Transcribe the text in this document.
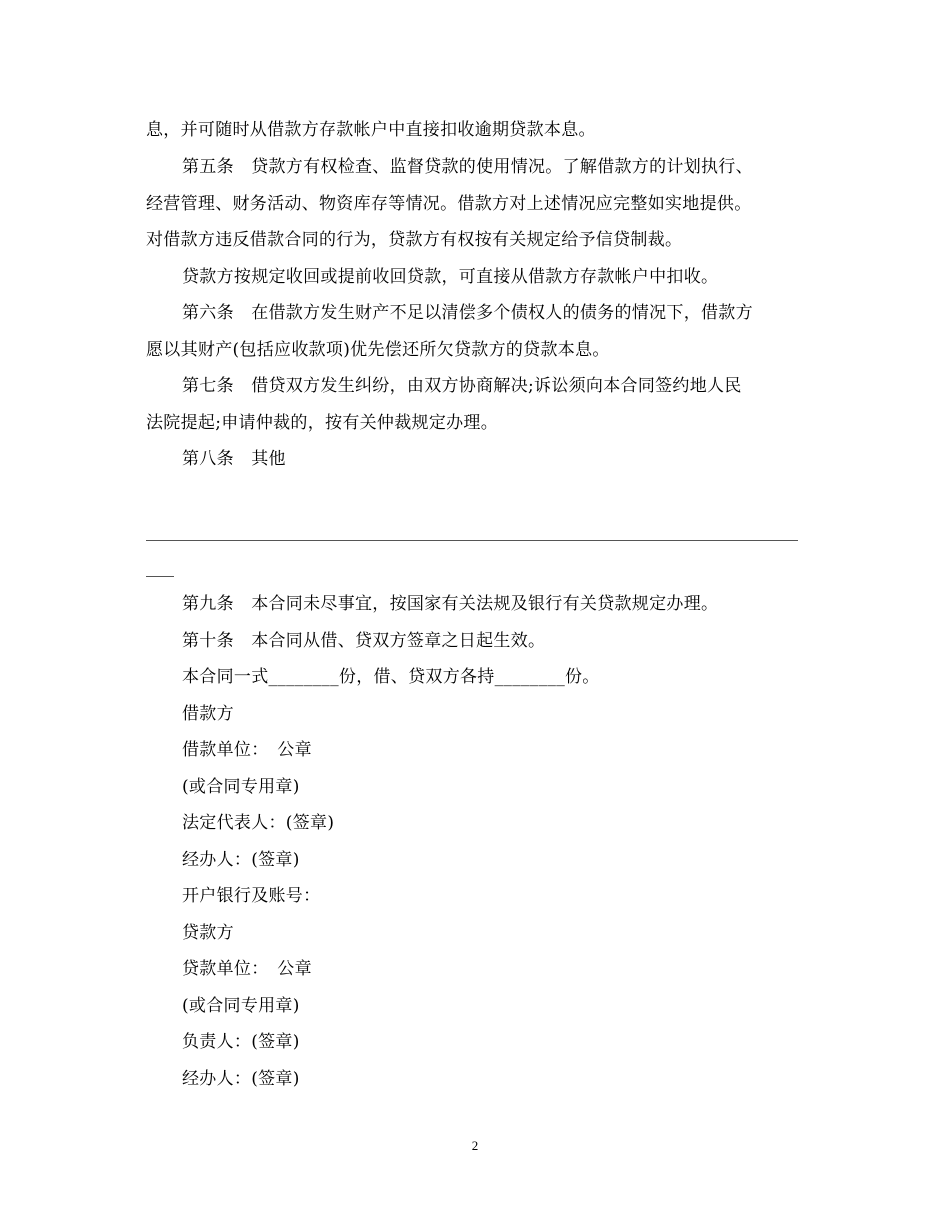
息，并可随时从借款方存款帐户中直接扣收逾期贷款本息。
第五条　贷款方有权检查、监督贷款的使用情况。了解借款方的计划执行、
经营管理、财务活动、物资库存等情况。借款方对上述情况应完整如实地提供。
对借款方违反借款合同的行为，贷款方有权按有关规定给予信贷制裁。
贷款方按规定收回或提前收回贷款，可直接从借款方存款帐户中扣收。
第六条　在借款方发生财产不足以清偿多个债权人的债务的情况下，借款方
愿以其财产(包括应收款项)优先偿还所欠贷款方的贷款本息。
第七条　借贷双方发生纠纷，由双方协商解决;诉讼须向本合同签约地人民
法院提起;申请仲裁的，按有关仲裁规定办理。
第八条　其他
第九条　本合同未尽事宜，按国家有关法规及银行有关贷款规定办理。
第十条　本合同从借、贷双方签章之日起生效。
本合同一式________份，借、贷双方各持________份。
借款方
借款单位：　公章
(或合同专用章)
法定代表人：(签章)
经办人：(签章)
开户银行及账号：
贷款方
贷款单位：　公章
(或合同专用章)
负责人：(签章)
经办人：(签章)
2
